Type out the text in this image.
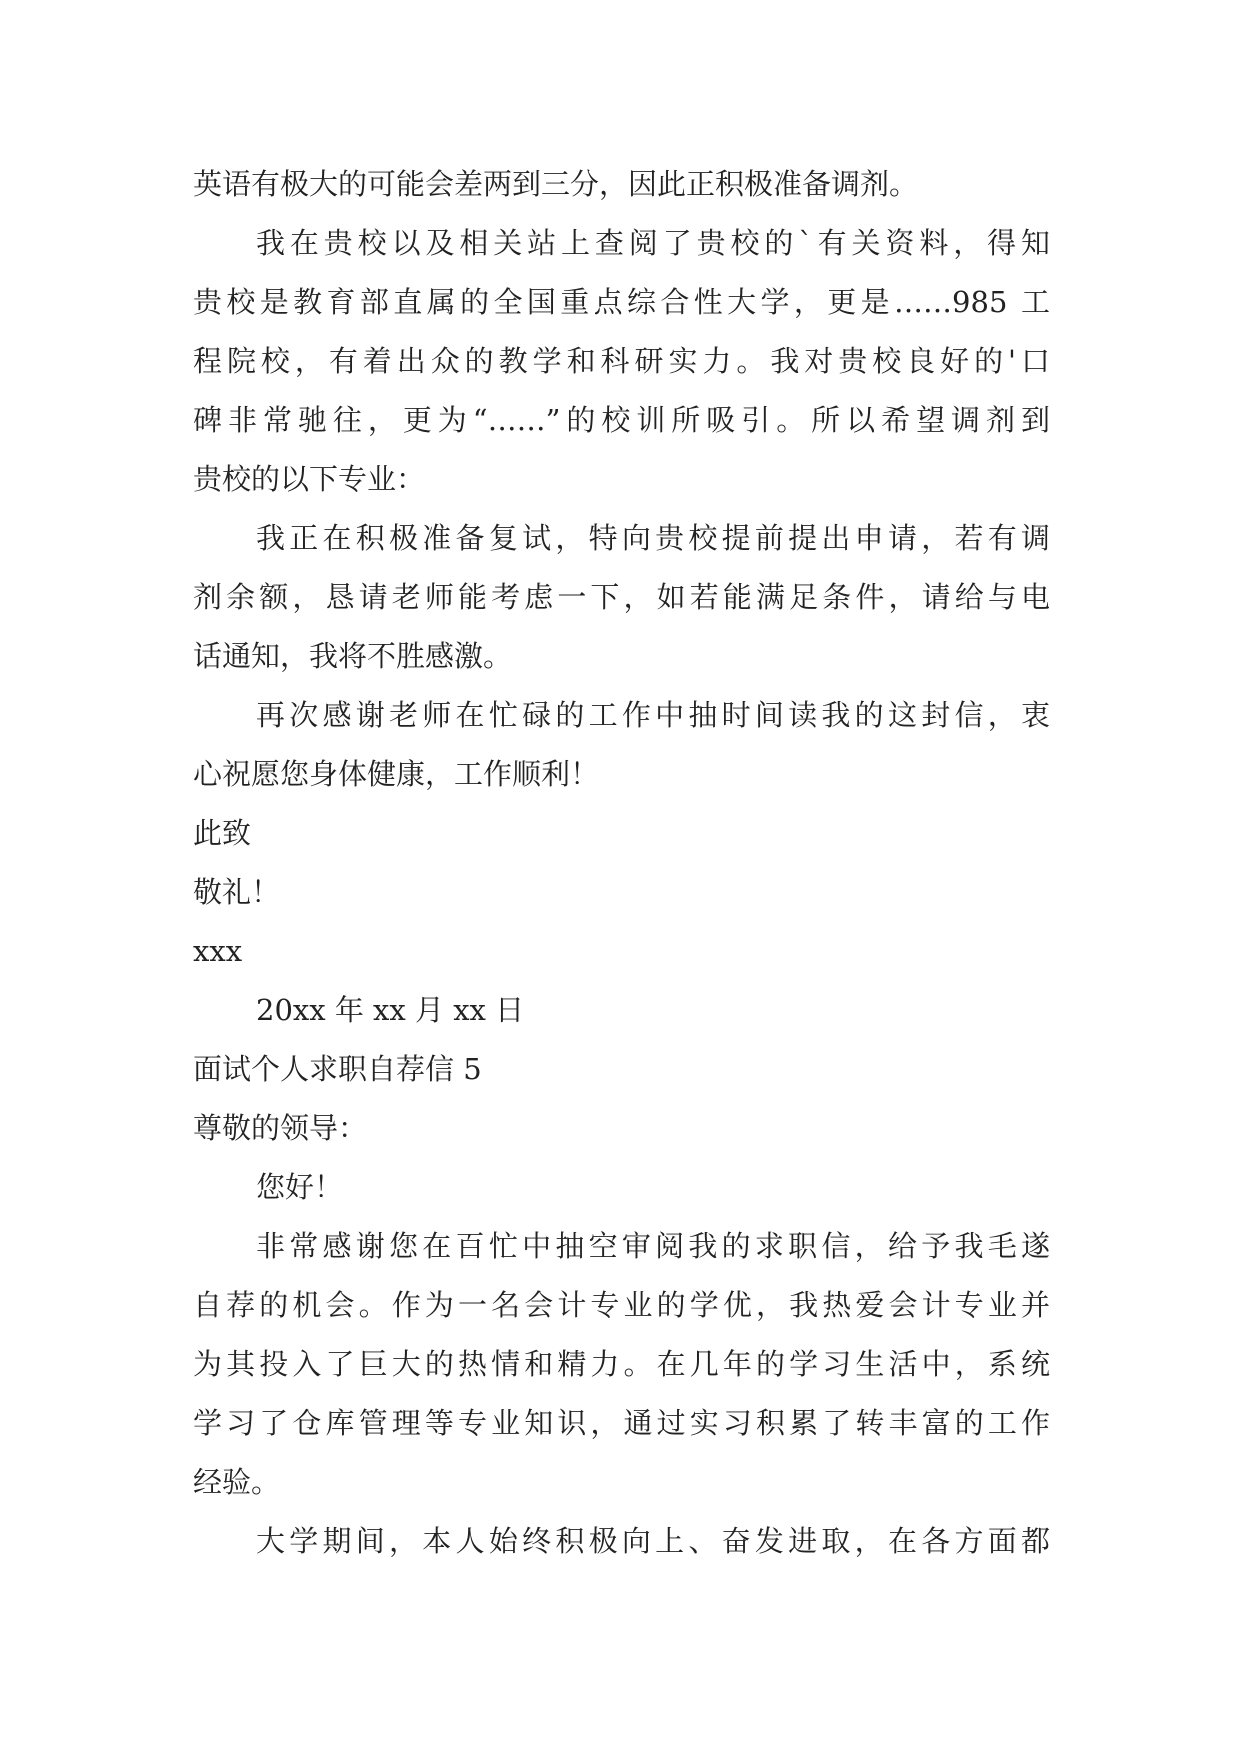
英语有极大的可能会差两到三分，因此正积极准备调剂。

我在贵校以及相关站上查阅了贵校的`有关资料，得知

贵校是教育部直属的全国重点综合性大学，更是……985 工

程院校，有着出众的教学和科研实力。我对贵校良好的'口

碑非常驰往，更为“……”的校训所吸引。所以希望调剂到

贵校的以下专业：

我正在积极准备复试，特向贵校提前提出申请，若有调

剂余额，恳请老师能考虑一下，如若能满足条件，请给与电

话通知，我将不胜感激。

再次感谢老师在忙碌的工作中抽时间读我的这封信，衷

心祝愿您身体健康，工作顺利！

此致

敬礼！

xxx

20xx 年 xx 月 xx 日

面试个人求职自荐信 5

尊敬的领导：

您好！

非常感谢您在百忙中抽空审阅我的求职信，给予我毛遂

自荐的机会。作为一名会计专业的学优，我热爱会计专业并

为其投入了巨大的热情和精力。在几年的学习生活中，系统

学习了仓库管理等专业知识，通过实习积累了转丰富的工作

经验。

大学期间，本人始终积极向上、奋发进取，在各方面都
